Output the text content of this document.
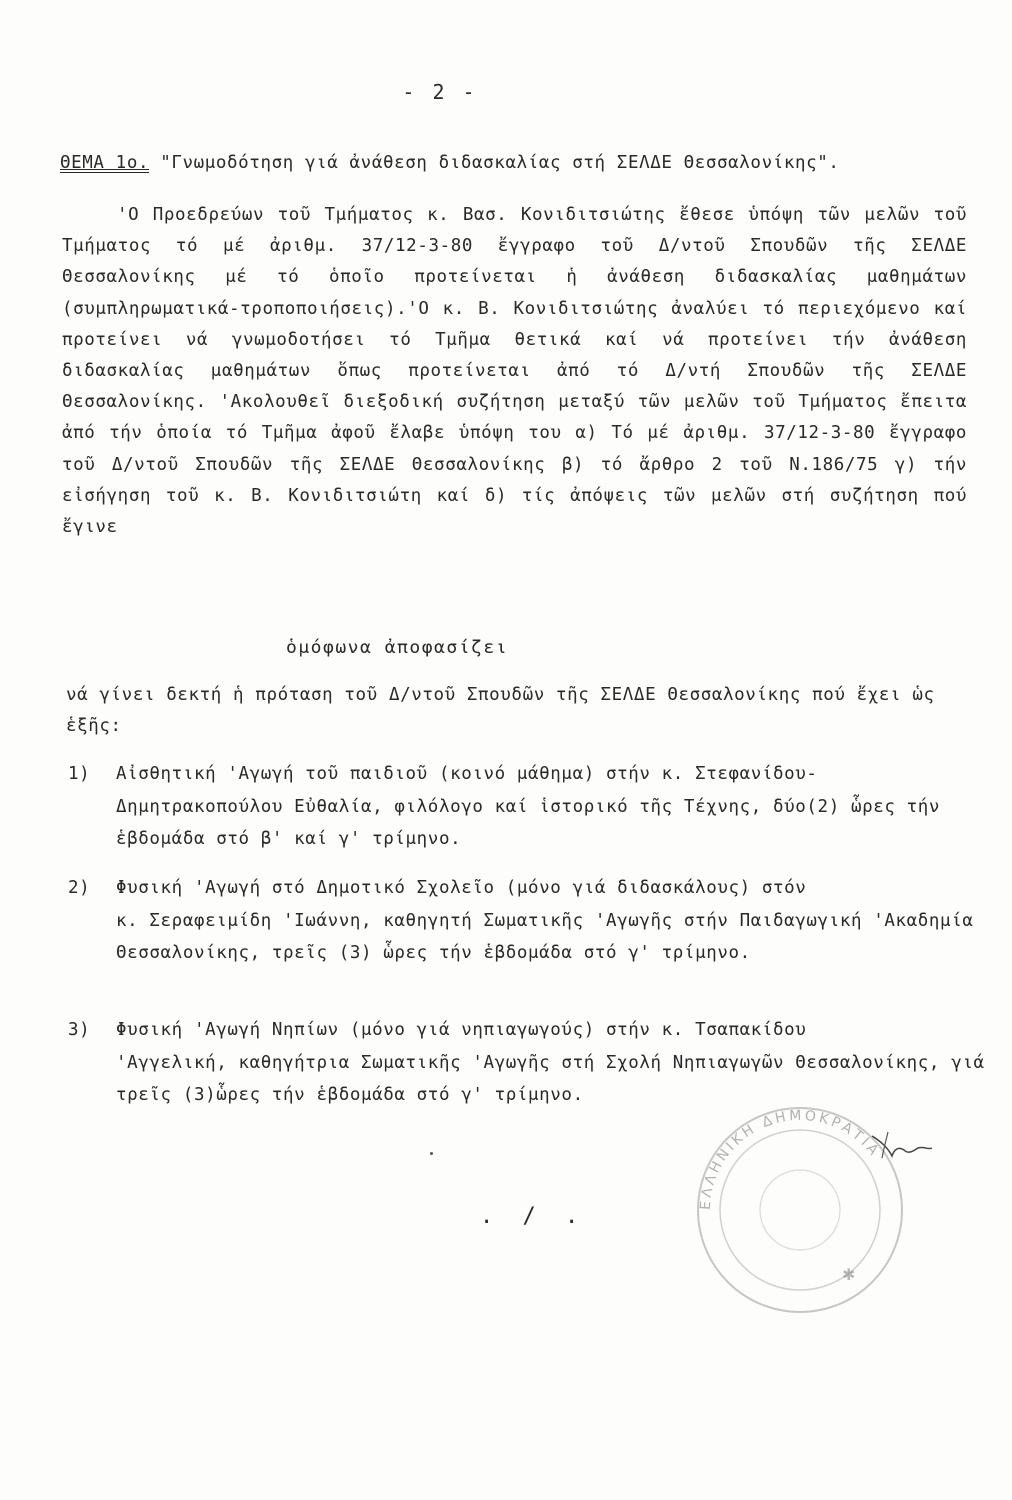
- 2 -
ΘΕΜΑ 1ο. "Γνωμοδότηση γιά ἀνάθεση διδασκαλίας στή ΣΕΛΔΕ Θεσσαλονίκης".
'Ο Προεδρεύων τοῦ Τμήματος κ. Βασ. Κονιδιτσιώτης ἔθεσε ὑπόψη τῶν μελῶν τοῦ Τμήματος τό μέ ἀριθμ. 37/12-3-80 ἔγγραφο τοῦ Δ/ντοῦ Σπουδῶν τῆς ΣΕΛΔΕ Θεσσαλονίκης μέ τό ὁποῖο προτείνεται ἡ ἀνάθεση διδασκαλίας μαθημάτων (συμπληρωματικά-τροποποιήσεις).'Ο κ. Β. Κονιδιτσιώτης ἀναλύει τό περιεχόμενο καί προτείνει νά γνωμοδοτήσει τό Τμῆμα θετικά καί νά προτείνει τήν ἀνάθεση διδασκαλίας μαθημάτων ὅπως προτείνεται ἀπό τό Δ/ντή Σπουδῶν τῆς ΣΕΛΔΕ Θεσσαλονίκης. 'Ακολουθεῖ διεξοδική συζήτηση μεταξύ τῶν μελῶν τοῦ Τμήματος ἔπειτα ἀπό τήν ὁποία τό Τμῆμα ἀφοῦ ἔλαβε ὑπόψη του α) Τό μέ ἀριθμ. 37/12-3-80 ἔγγραφο τοῦ Δ/ντοῦ Σπουδῶν τῆς ΣΕΛΔΕ Θεσσαλονίκης β) τό ἄρθρο 2 τοῦ Ν.186/75 γ) τήν εἰσήγηση τοῦ κ. Β. Κονιδιτσιώτη καί δ) τίς ἀπόψεις τῶν μελῶν στή συζήτηση πού ἔγινε
ὁμόφωνα ἀποφασίζει
νά γίνει δεκτή ἡ πρόταση τοῦ Δ/ντοῦ Σπουδῶν τῆς ΣΕΛΔΕ Θεσσαλονίκης πού ἔχει ὡς ἑξῆς:
1) Αἰσθητική 'Αγωγή τοῦ παιδιοῦ (κοινό μάθημα) στήν κ. Στεφανίδου-
Δημητρακοπούλου Εὐθαλία, φιλόλογο καί ἱστορικό τῆς Τέχνης, δύο(2) ὧρες τήν ἑβδομάδα στό β' καί γ' τρίμηνο.
2) Φυσική 'Αγωγή στό Δημοτικό Σχολεῖο (μόνο γιά διδασκάλους) στόν
κ. Σεραφειμίδη 'Ιωάννη, καθηγητή Σωματικῆς 'Αγωγῆς στήν Παιδαγωγική 'Ακαδημία Θεσσαλονίκης, τρεῖς (3) ὧρες τήν ἑβδομάδα στό γ' τρίμηνο.
3) Φυσική 'Αγωγή Νηπίων (μόνο γιά νηπιαγωγούς) στήν κ. Τσαπακίδου
'Αγγελική, καθηγήτρια Σωματικῆς 'Αγωγῆς στή Σχολή Νηπιαγωγῶν Θεσσαλονίκης, γιά τρεῖς (3)ὧρες τήν ἑβδομάδα στό γ' τρίμηνο.
. / .
ΕΛΛΗΝΙΚΗ ΔΗΜΟΚΡΑΤΙΑ
✱
